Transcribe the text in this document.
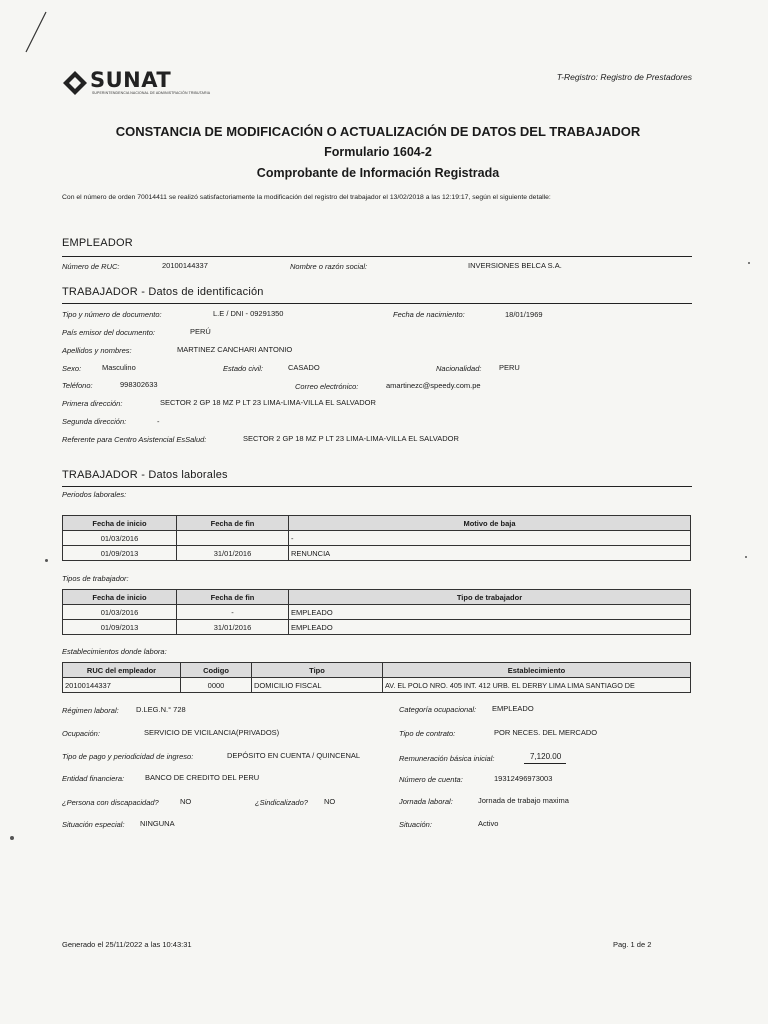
SUNAT
SUPERINTENDENCIA NACIONAL DE ADMINISTRACIÓN TRIBUTARIA
T-Registro: Registro de Prestadores
CONSTANCIA DE MODIFICACIÓN O ACTUALIZACIÓN DE DATOS DEL TRABAJADOR
Formulario 1604-2
Comprobante de Información Registrada
Con el número de orden 70014411 se realizó satisfactoriamente la modificación del registro del trabajador el 13/02/2018 a las 12:19:17, según el siguiente detalle:
EMPLEADOR
Número de RUC:	20100144337	Nombre o razón social:	INVERSIONES BELCA S.A.
TRABAJADOR - Datos de identificación
Tipo y número de documento:	L.E / DNI - 09291350	Fecha de nacimiento:	18/01/1969
País emisor del documento:	PERÚ
Apellidos y nombres:	MARTINEZ CANCHARI ANTONIO
Sexo:	Masculino	Estado civil:	CASADO	Nacionalidad: PERU
Teléfono:	998302633	Correo electrónico:	amartinezc@speedy.com.pe
Primera dirección:	SECTOR 2 GP 18 MZ P LT 23 LIMA-LIMA-VILLA EL SALVADOR
Segunda dirección:	-
Referente para Centro Asistencial EsSalud:	SECTOR 2 GP 18 MZ P LT 23 LIMA-LIMA-VILLA EL SALVADOR
TRABAJADOR - Datos laborales
Periodos laborales:
Fecha de inicio	Fecha de fin	Motivo de baja
01/03/2016		-
01/09/2013	31/01/2016	RENUNCIA
Tipos de trabajador:
Fecha de inicio	Fecha de fin	Tipo de trabajador
01/03/2016	-	EMPLEADO
01/09/2013	31/01/2016	EMPLEADO
Establecimientos donde labora:
RUC del empleador	Codigo	Tipo	Establecimiento
20100144337	0000	DOMICILIO FISCAL	AV. EL POLO NRO. 405 INT. 412 URB. EL DERBY LIMA LIMA SANTIAGO DE
Régimen laboral: D.LEG.N.° 728	Categoría ocupacional: EMPLEADO
Ocupación:	SERVICIO DE VICILANCIA(PRIVADOS)	Tipo de contrato:	POR NECES. DEL MERCADO
Tipo de pago y periodicidad de ingreso:	DEPÓSITO EN CUENTA / QUINCENAL	Remuneración básica inicial:	7,120.00
Entidad financiera:	BANCO DE CREDITO DEL PERU	Número de cuenta:	19312496973003
¿Persona con discapacidad?	NO	¿Sindicalizado? NO	Jornada laboral:	Jornada de trabajo maxima
Situación especial: NINGUNA	Situación:	Activo
Generado el 25/11/2022 a las 10:43:31	Pag. 1 de 2
